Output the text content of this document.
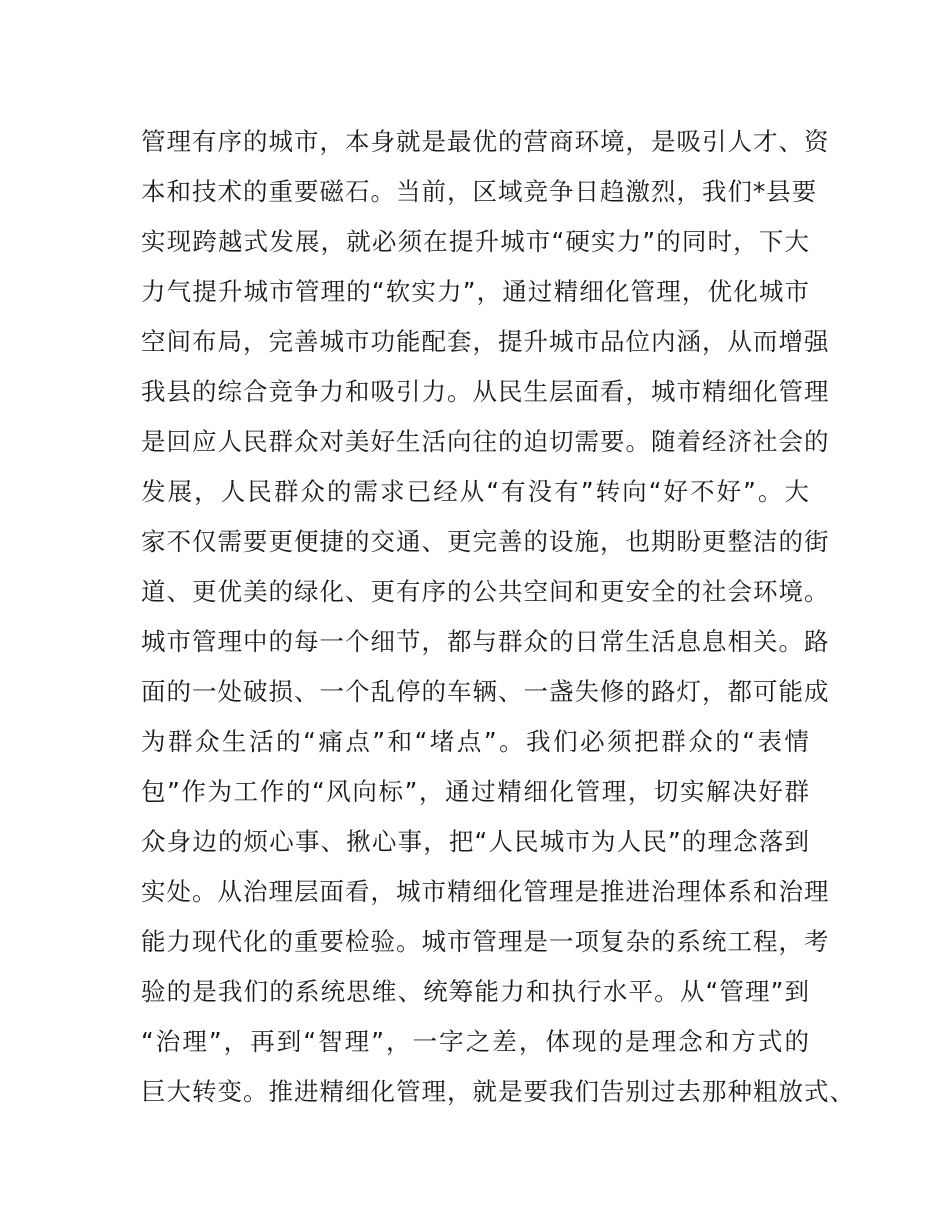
管理有序的城市，本身就是最优的营商环境，是吸引人才、资
本和技术的重要磁石。当前，区域竞争日趋激烈，我们*县要
实现跨越式发展，就必须在提升城市“硬实力”的同时，下大
力气提升城市管理的“软实力”，通过精细化管理，优化城市
空间布局，完善城市功能配套，提升城市品位内涵，从而增强
我县的综合竞争力和吸引力。从民生层面看，城市精细化管理
是回应人民群众对美好生活向往的迫切需要。随着经济社会的
发展，人民群众的需求已经从“有没有”转向“好不好”。大
家不仅需要更便捷的交通、更完善的设施，也期盼更整洁的街
道、更优美的绿化、更有序的公共空间和更安全的社会环境。
城市管理中的每一个细节，都与群众的日常生活息息相关。路
面的一处破损、一个乱停的车辆、一盏失修的路灯，都可能成
为群众生活的“痛点”和“堵点”。我们必须把群众的“表情
包”作为工作的“风向标”，通过精细化管理，切实解决好群
众身边的烦心事、揪心事，把“人民城市为人民”的理念落到
实处。从治理层面看，城市精细化管理是推进治理体系和治理
能力现代化的重要检验。城市管理是一项复杂的系统工程，考
验的是我们的系统思维、统筹能力和执行水平。从“管理”到
“治理”，再到“智理”，一字之差，体现的是理念和方式的
巨大转变。推进精细化管理，就是要我们告别过去那种粗放式、
